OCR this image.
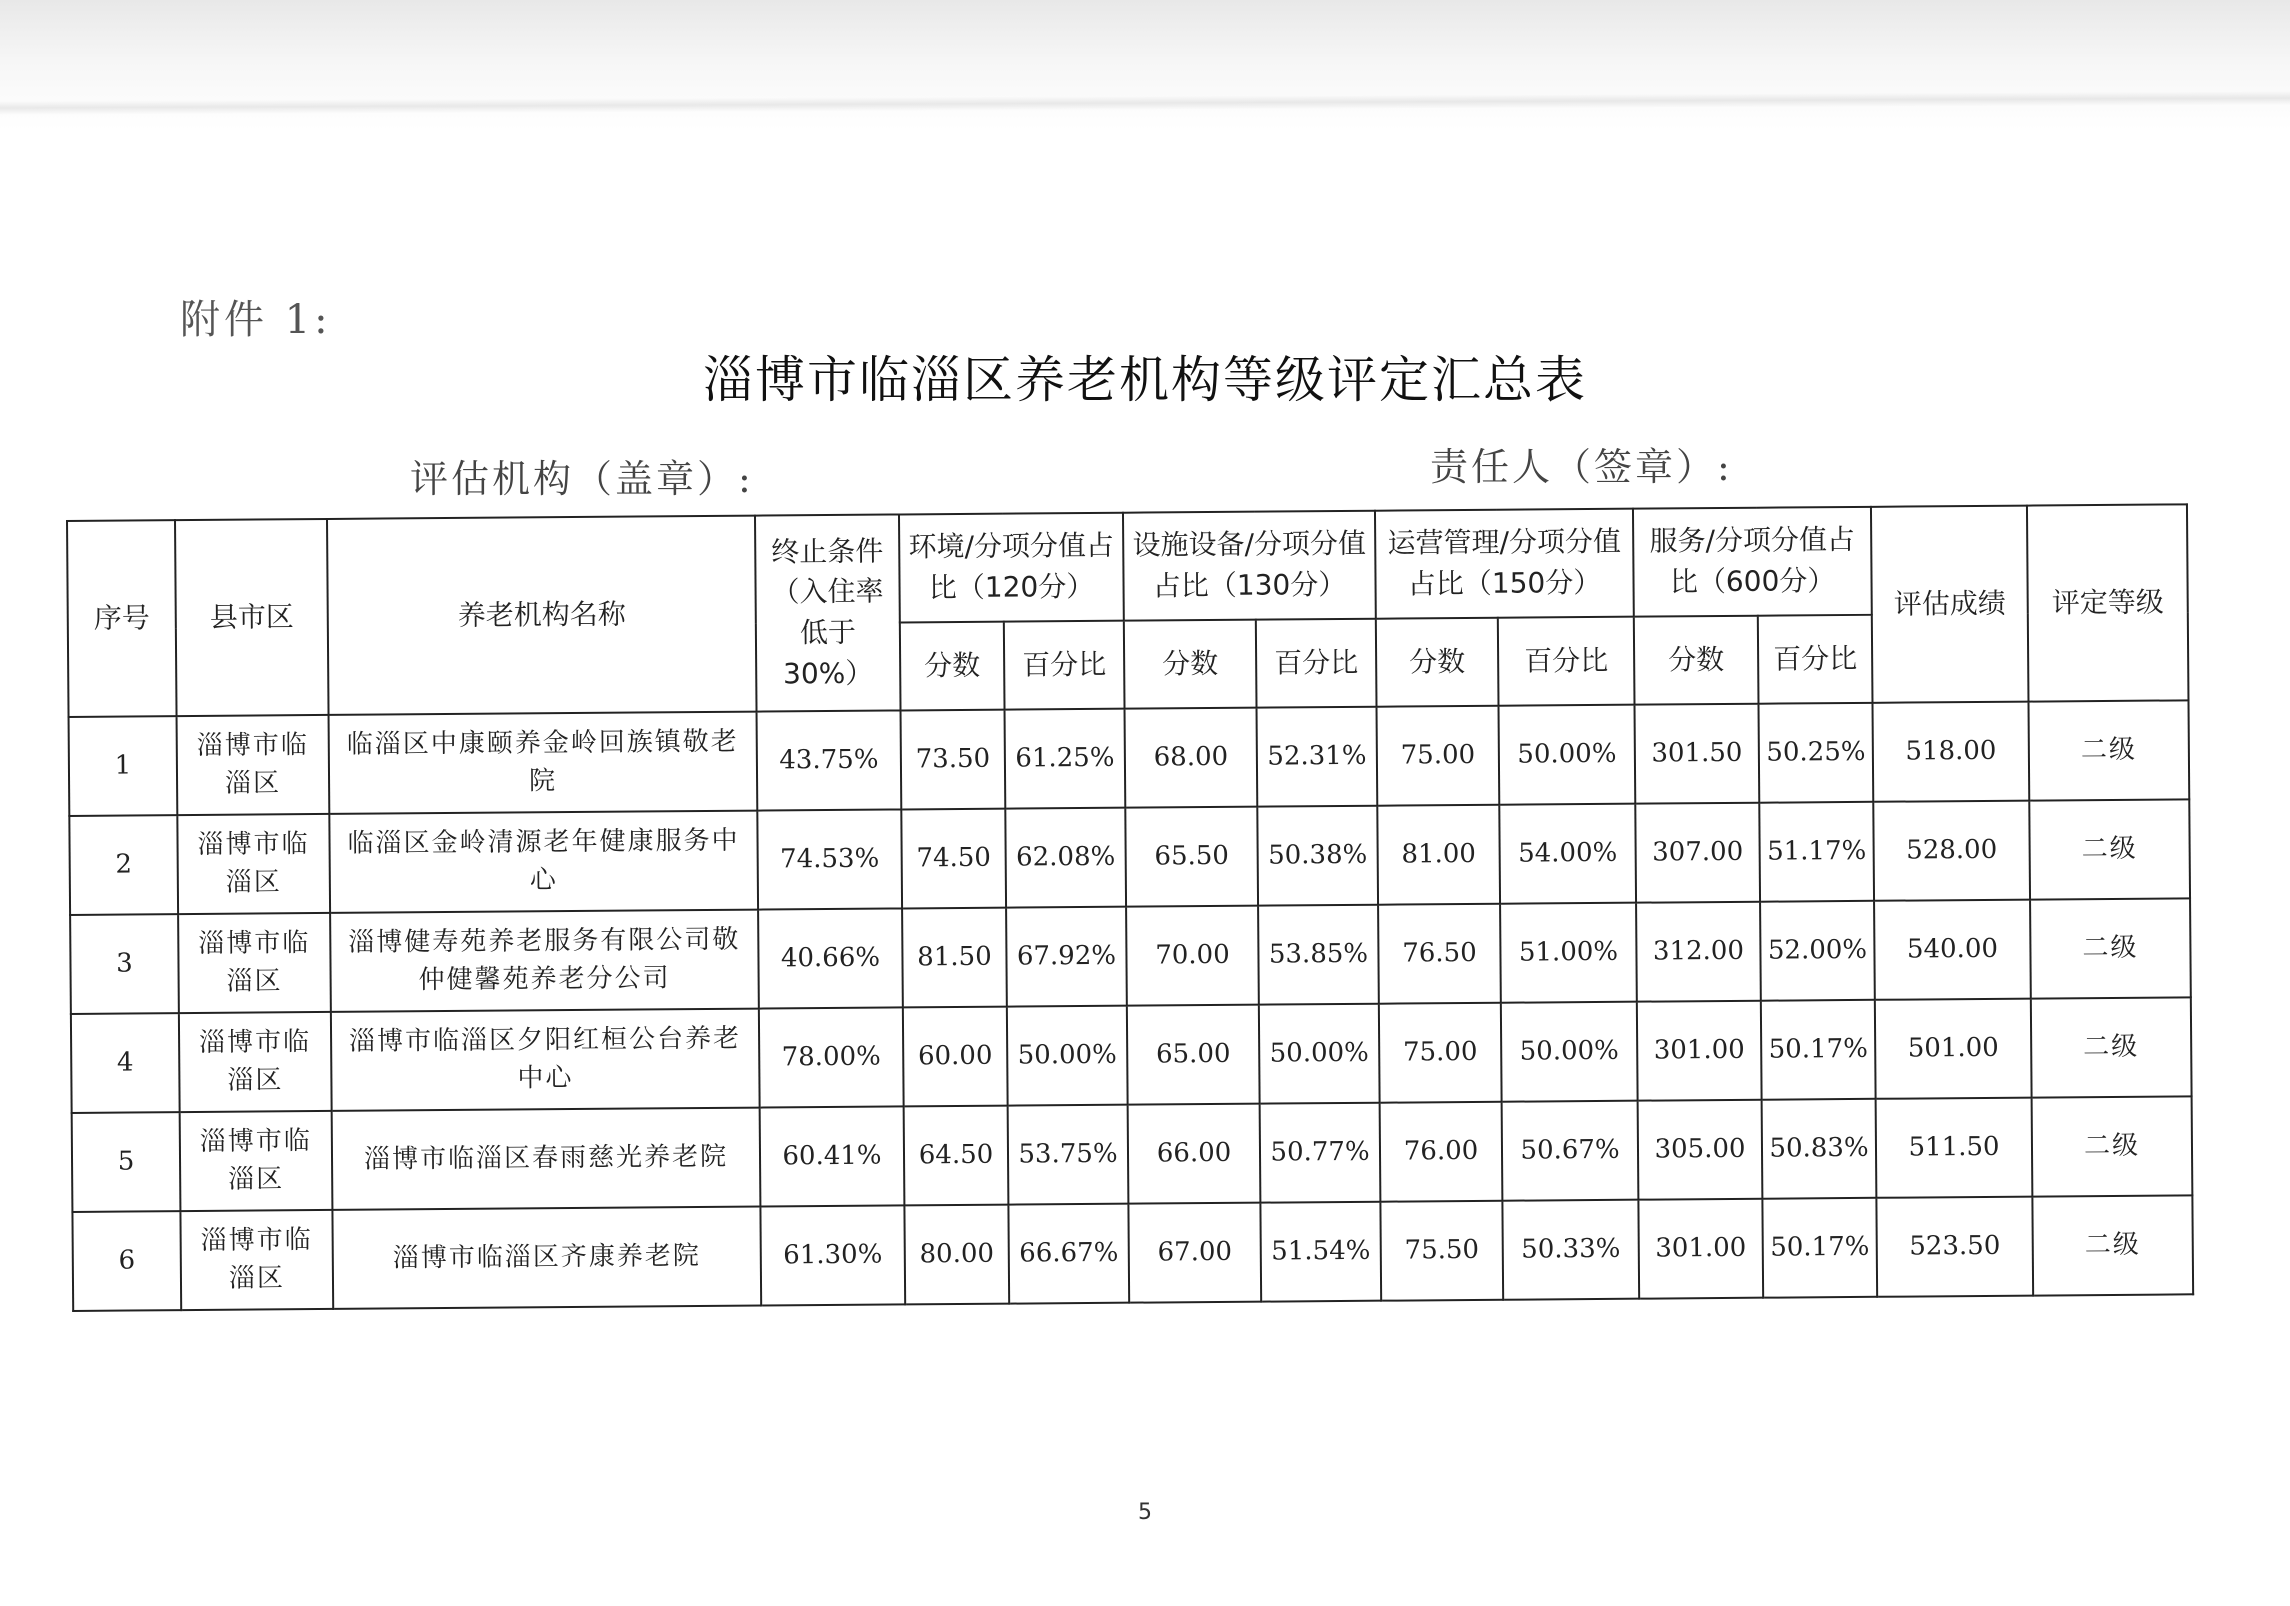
附件 1:
淄博市临淄区养老机构等级评定汇总表
评估机构（盖章）:	责任人（签章）:
序号	县市区	养老机构名称	终止条件（入住率低于30%）	环境/分项分值占比（120分）		设施设备/分项分值占比（130分）		运营管理/分项分值占比（150分）		服务/分项分值占比（600分）		评估成绩	评定等级
				分数	百分比	分数	百分比	分数	百分比	分数	百分比		
1	淄博市临淄区	临淄区中康颐养金岭回族镇敬老院	43.75%	73.50	61.25%	68.00	52.31%	75.00	50.00%	301.50	50.25%	518.00	二级
2	淄博市临淄区	临淄区金岭清源老年健康服务中心	74.53%	74.50	62.08%	65.50	50.38%	81.00	54.00%	307.00	51.17%	528.00	二级
3	淄博市临淄区	淄博健寿苑养老服务有限公司敬仲健馨苑养老分公司	40.66%	81.50	67.92%	70.00	53.85%	76.50	51.00%	312.00	52.00%	540.00	二级
4	淄博市临淄区	淄博市临淄区夕阳红桓公台养老中心	78.00%	60.00	50.00%	65.00	50.00%	75.00	50.00%	301.00	50.17%	501.00	二级
5	淄博市临淄区	淄博市临淄区春雨慈光养老院	60.41%	64.50	53.75%	66.00	50.77%	76.00	50.67%	305.00	50.83%	511.50	二级
6	淄博市临淄区	淄博市临淄区齐康养老院	61.30%	80.00	66.67%	67.00	51.54%	75.50	50.33%	301.00	50.17%	523.50	二级
5
